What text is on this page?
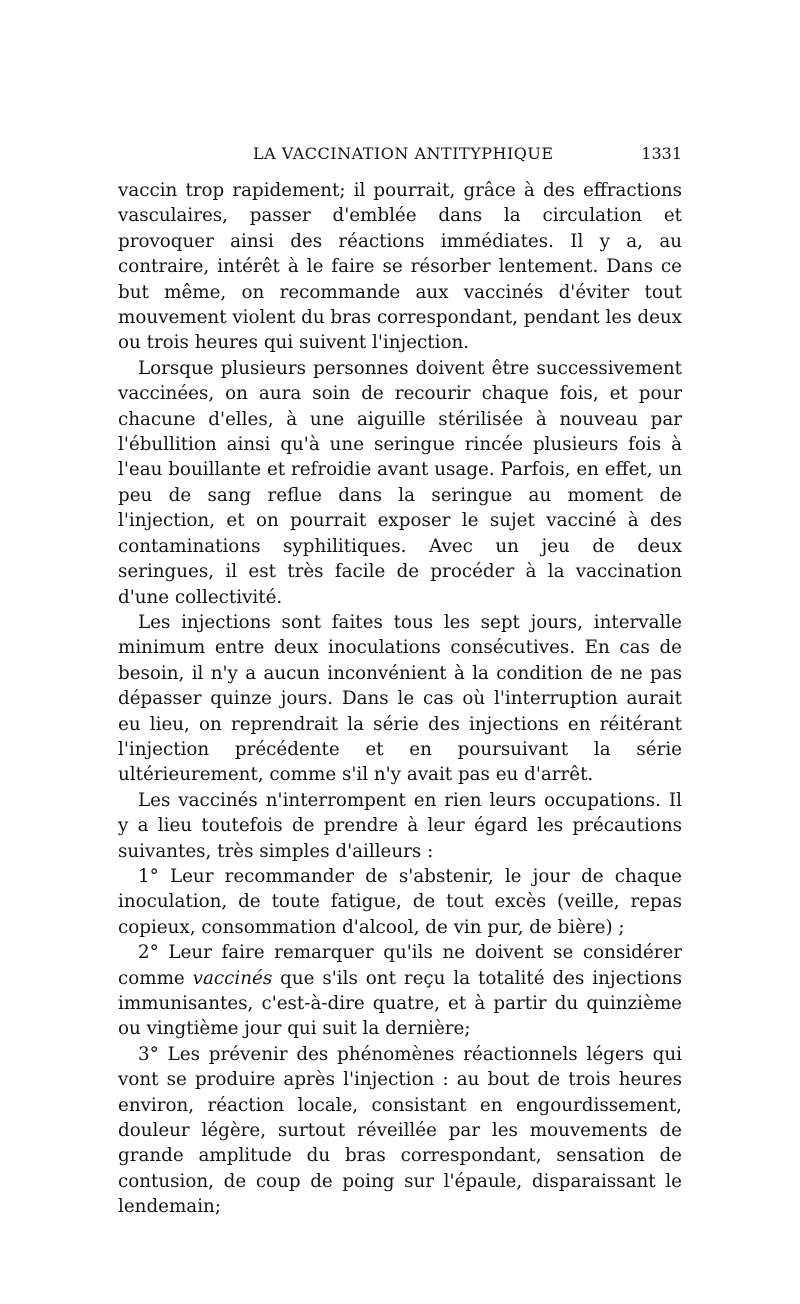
LA VACCINATION ANTITYPHIQUE	1331

vaccin trop rapidement; il pourrait, grâce à des effractions vasculaires, passer d'emblée dans la circulation et provoquer ainsi des réactions immédiates. Il y a, au contraire, intérêt à le faire se résorber lentement. Dans ce but même, on recommande aux vaccinés d'éviter tout mouvement violent du bras correspondant, pendant les deux ou trois heures qui suivent l'injection.

Lorsque plusieurs personnes doivent être successivement vaccinées, on aura soin de recourir chaque fois, et pour chacune d'elles, à une aiguille stérilisée à nouveau par l'ébullition ainsi qu'à une seringue rincée plusieurs fois à l'eau bouillante et refroidie avant usage. Parfois, en effet, un peu de sang reflue dans la seringue au moment de l'injection, et on pourrait exposer le sujet vacciné à des contaminations syphilitiques. Avec un jeu de deux seringues, il est très facile de procéder à la vaccination d'une collectivité.

Les injections sont faites tous les sept jours, intervalle minimum entre deux inoculations consécutives. En cas de besoin, il n'y a aucun inconvénient à la condition de ne pas dépasser quinze jours. Dans le cas où l'interruption aurait eu lieu, on reprendrait la série des injections en réitérant l'injection précédente et en poursuivant la série ultérieurement, comme s'il n'y avait pas eu d'arrêt.

Les vaccinés n'interrompent en rien leurs occupations. Il y a lieu toutefois de prendre à leur égard les précautions suivantes, très simples d'ailleurs :

1° Leur recommander de s'abstenir, le jour de chaque inoculation, de toute fatigue, de tout excès (veille, repas copieux, consommation d'alcool, de vin pur, de bière) ;

2° Leur faire remarquer qu'ils ne doivent se considérer comme vaccinés que s'ils ont reçu la totalité des injections immunisantes, c'est-à-dire quatre, et à partir du quinzième ou vingtième jour qui suit la dernière;

3° Les prévenir des phénomènes réactionnels légers qui vont se produire après l'injection : au bout de trois heures environ, réaction locale, consistant en engourdissement, douleur légère, surtout réveillée par les mouvements de grande amplitude du bras correspondant, sensation de contusion, de coup de poing sur l'épaule, disparaissant le lendemain;
